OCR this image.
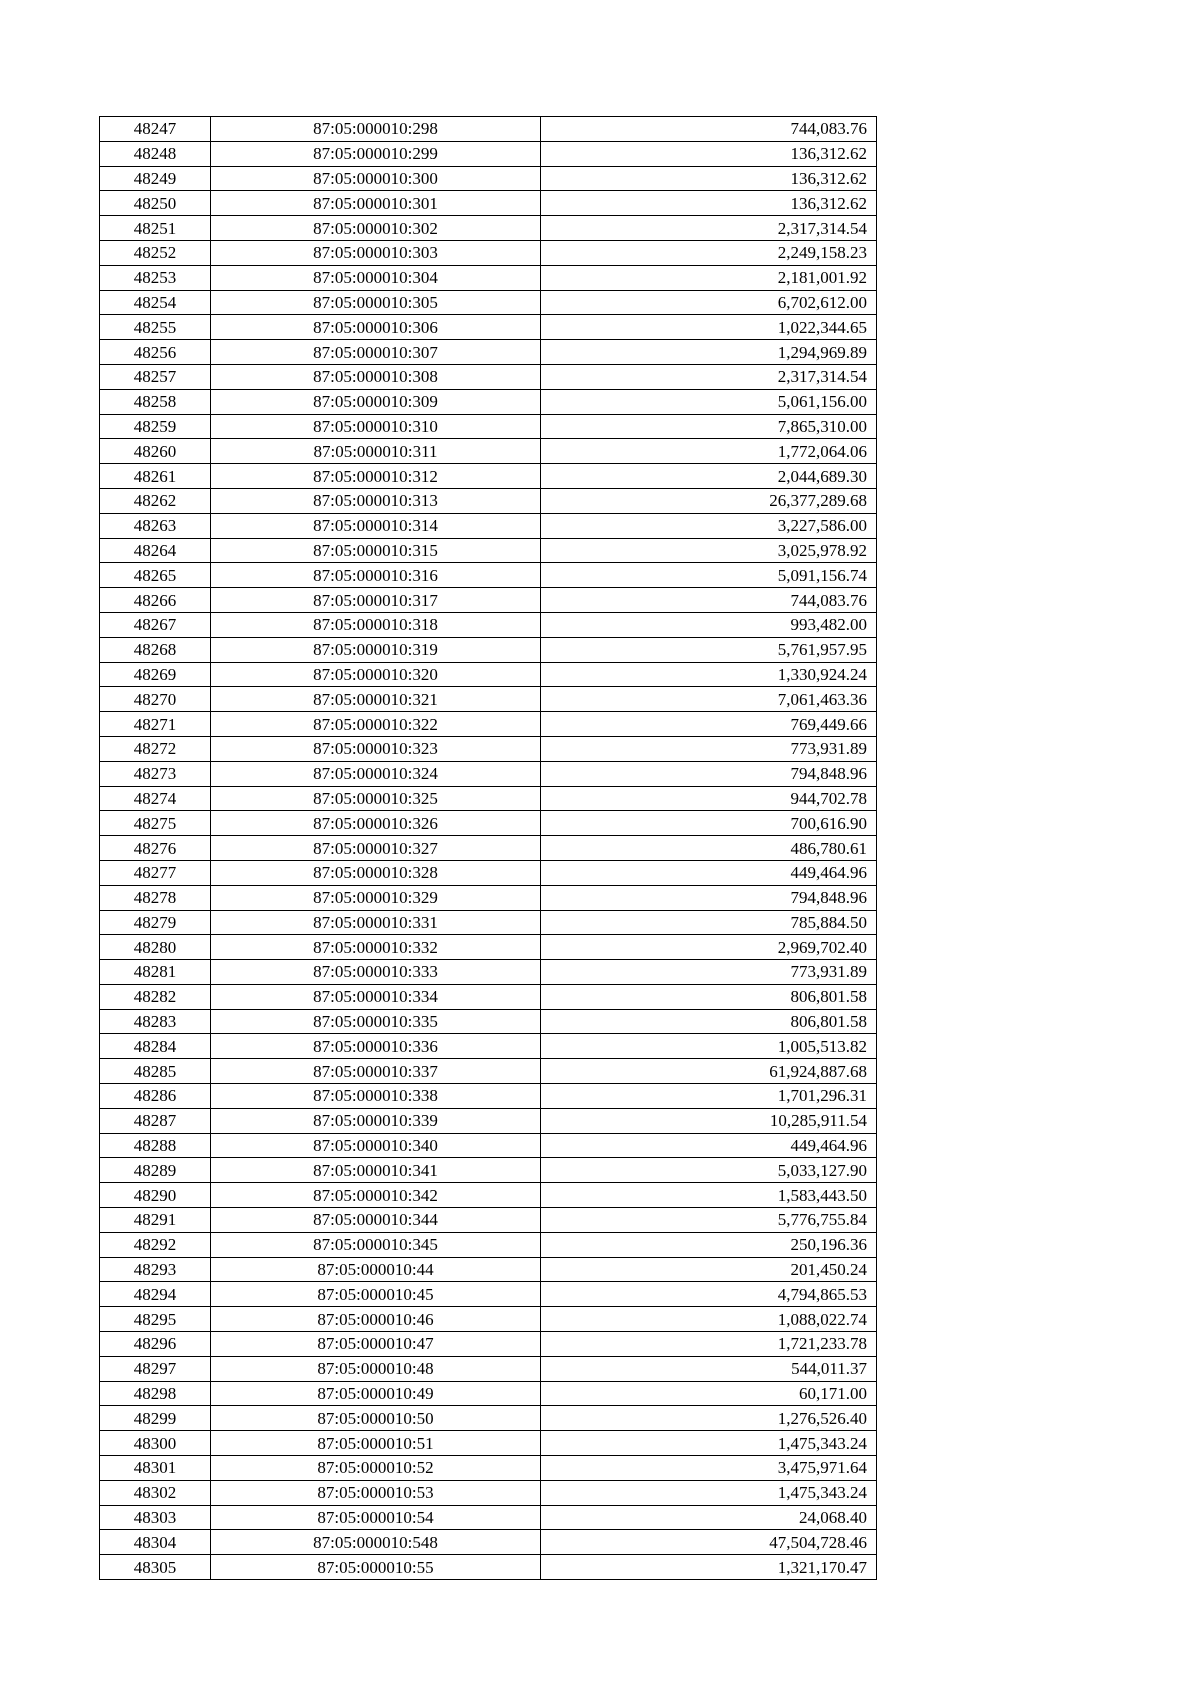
48247	87:05:000010:298	744,083.76
48248	87:05:000010:299	136,312.62
48249	87:05:000010:300	136,312.62
48250	87:05:000010:301	136,312.62
48251	87:05:000010:302	2,317,314.54
48252	87:05:000010:303	2,249,158.23
48253	87:05:000010:304	2,181,001.92
48254	87:05:000010:305	6,702,612.00
48255	87:05:000010:306	1,022,344.65
48256	87:05:000010:307	1,294,969.89
48257	87:05:000010:308	2,317,314.54
48258	87:05:000010:309	5,061,156.00
48259	87:05:000010:310	7,865,310.00
48260	87:05:000010:311	1,772,064.06
48261	87:05:000010:312	2,044,689.30
48262	87:05:000010:313	26,377,289.68
48263	87:05:000010:314	3,227,586.00
48264	87:05:000010:315	3,025,978.92
48265	87:05:000010:316	5,091,156.74
48266	87:05:000010:317	744,083.76
48267	87:05:000010:318	993,482.00
48268	87:05:000010:319	5,761,957.95
48269	87:05:000010:320	1,330,924.24
48270	87:05:000010:321	7,061,463.36
48271	87:05:000010:322	769,449.66
48272	87:05:000010:323	773,931.89
48273	87:05:000010:324	794,848.96
48274	87:05:000010:325	944,702.78
48275	87:05:000010:326	700,616.90
48276	87:05:000010:327	486,780.61
48277	87:05:000010:328	449,464.96
48278	87:05:000010:329	794,848.96
48279	87:05:000010:331	785,884.50
48280	87:05:000010:332	2,969,702.40
48281	87:05:000010:333	773,931.89
48282	87:05:000010:334	806,801.58
48283	87:05:000010:335	806,801.58
48284	87:05:000010:336	1,005,513.82
48285	87:05:000010:337	61,924,887.68
48286	87:05:000010:338	1,701,296.31
48287	87:05:000010:339	10,285,911.54
48288	87:05:000010:340	449,464.96
48289	87:05:000010:341	5,033,127.90
48290	87:05:000010:342	1,583,443.50
48291	87:05:000010:344	5,776,755.84
48292	87:05:000010:345	250,196.36
48293	87:05:000010:44	201,450.24
48294	87:05:000010:45	4,794,865.53
48295	87:05:000010:46	1,088,022.74
48296	87:05:000010:47	1,721,233.78
48297	87:05:000010:48	544,011.37
48298	87:05:000010:49	60,171.00
48299	87:05:000010:50	1,276,526.40
48300	87:05:000010:51	1,475,343.24
48301	87:05:000010:52	3,475,971.64
48302	87:05:000010:53	1,475,343.24
48303	87:05:000010:54	24,068.40
48304	87:05:000010:548	47,504,728.46
48305	87:05:000010:55	1,321,170.47
